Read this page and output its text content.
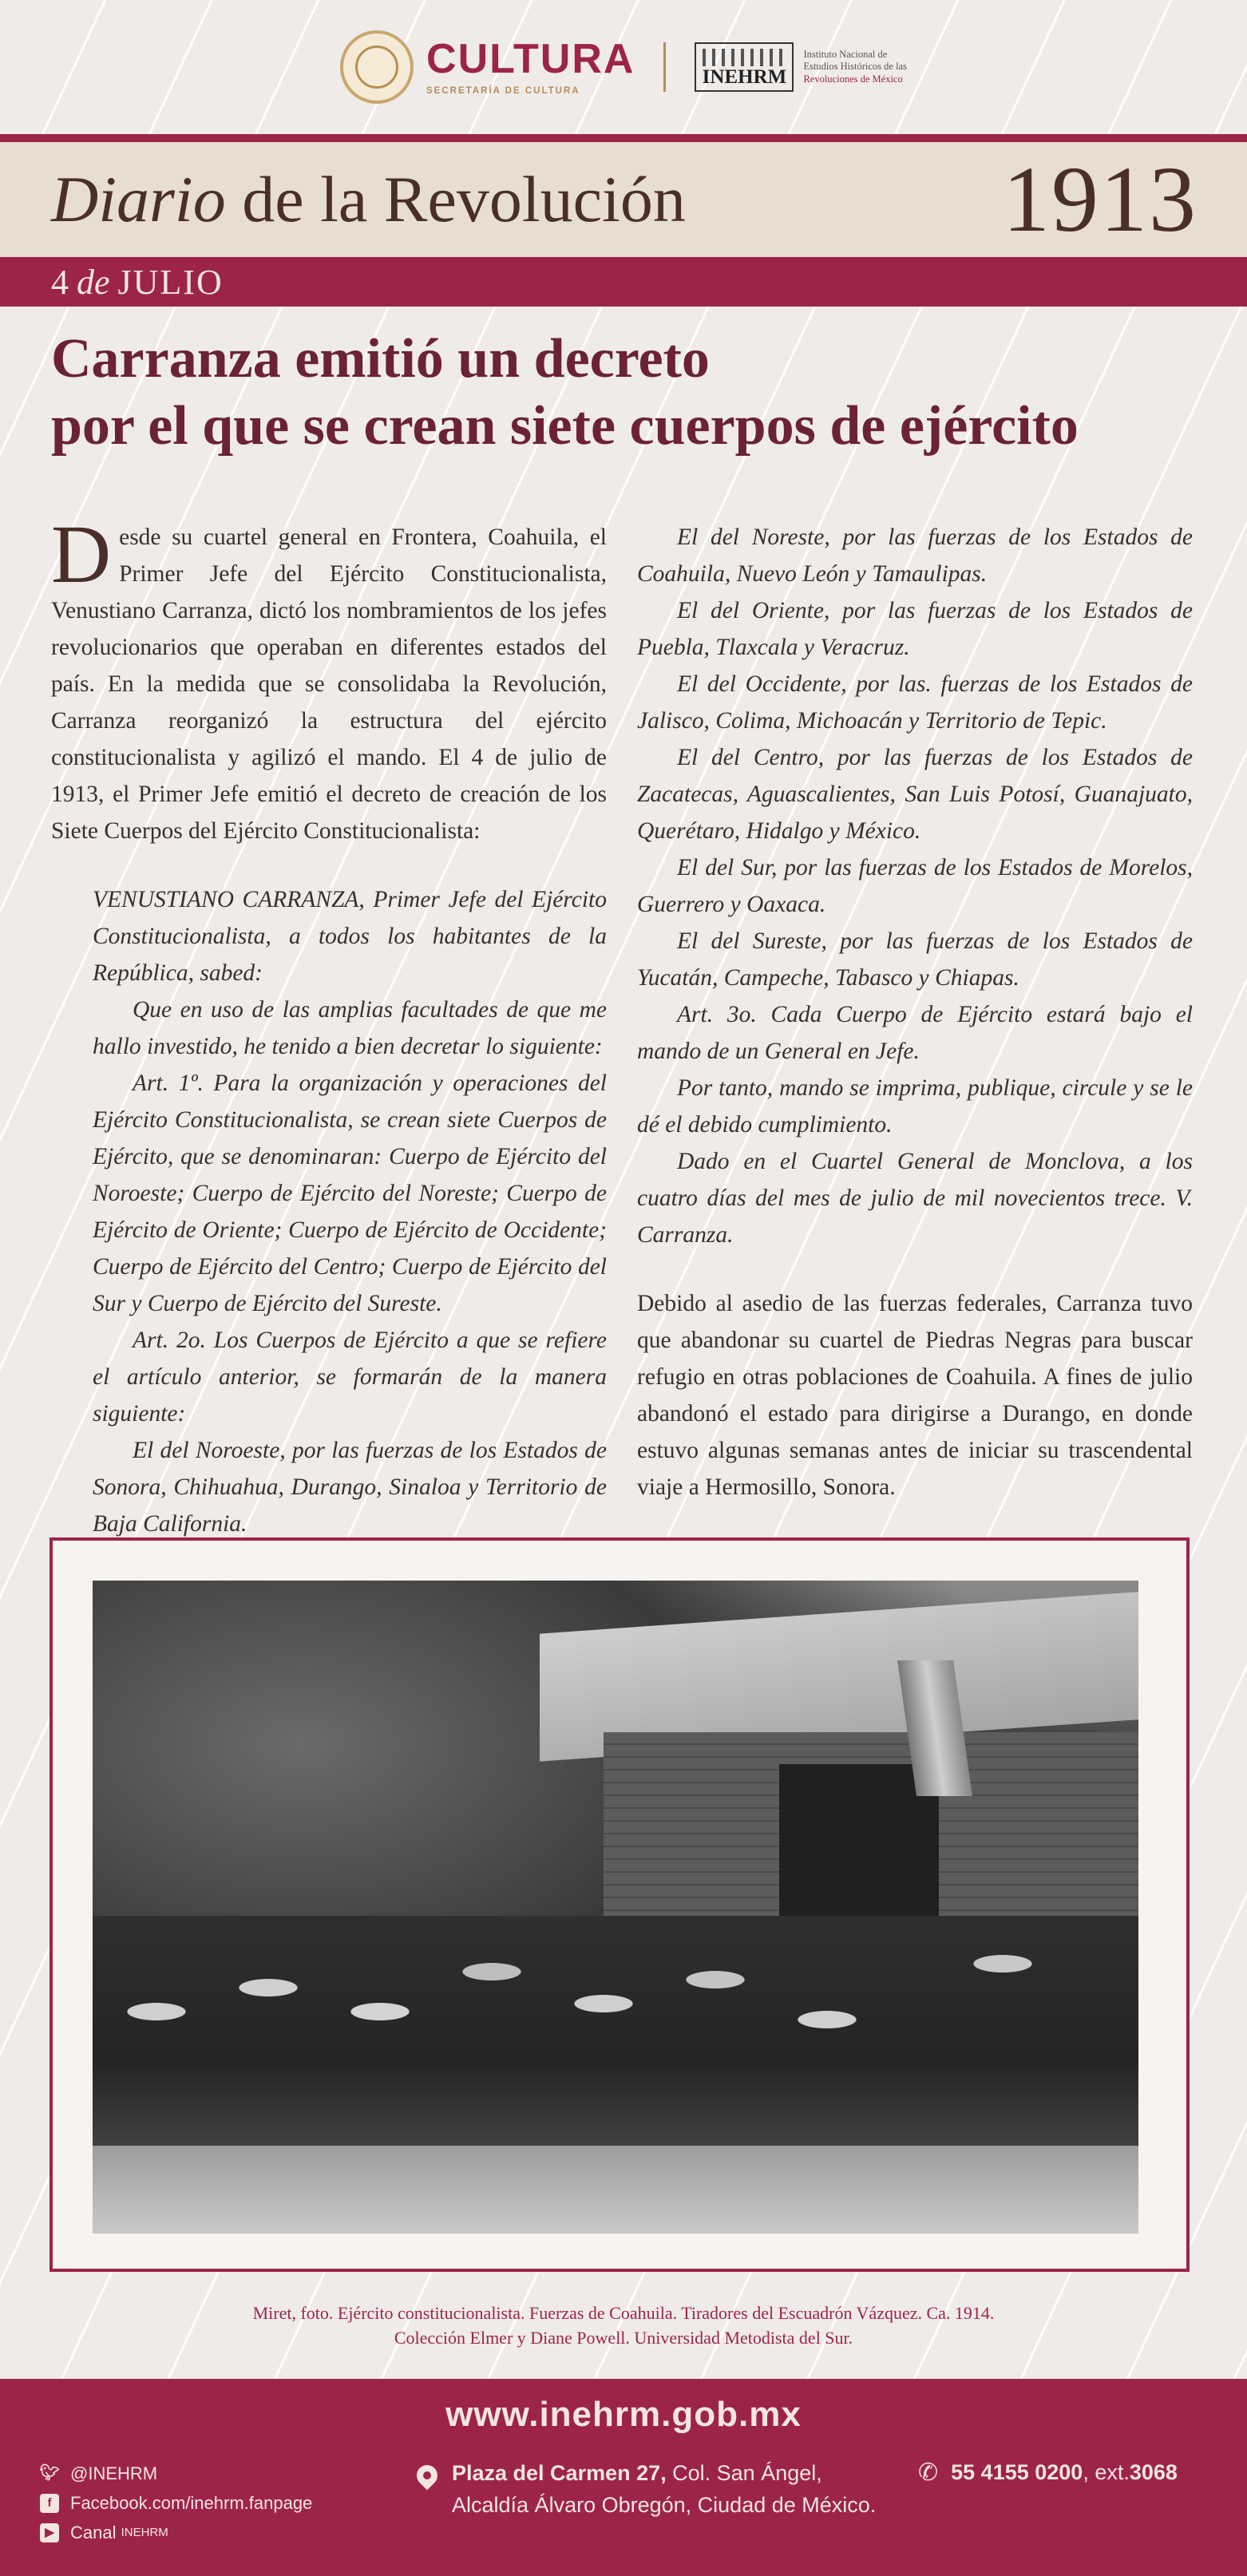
CULTURA
SECRETARÍA DE CULTURA
INEHRM
Instituto Nacional de
Estudios Históricos de las
Revoluciones de México
Diario de la Revolución	1913
4 de JULIO
Carranza emitió un decreto
por el que se crean siete cuerpos de ejército

Desde su cuartel general en Frontera, Coahuila, el Primer Jefe del Ejército Constitucionalista, Venustiano Carranza, dictó los nombramientos de los jefes revolucionarios que operaban en diferentes estados del país. En la medida que se consolidaba la Revolución, Carranza reorganizó la estructura del ejército constitucionalista y agilizó el mando. El 4 de julio de 1913, el Primer Jefe emitió el decreto de creación de los Siete Cuerpos del Ejército Constitucionalista:

VENUSTIANO CARRANZA, Primer Jefe del Ejército Constitucionalista, a todos los habitantes de la República, sabed:

Que en uso de las amplias facultades de que me hallo investido, he tenido a bien decretar lo siguiente:

Art. 1º. Para la organización y operaciones del Ejército Constitucionalista, se crean siete Cuerpos de Ejército, que se denominaran: Cuerpo de Ejército del Noroeste; Cuerpo de Ejército del Noreste; Cuerpo de Ejército de Oriente; Cuerpo de Ejército de Occidente; Cuerpo de Ejército del Centro; Cuerpo de Ejército del Sur y Cuerpo de Ejército del Sureste.

Art. 2o. Los Cuerpos de Ejército a que se refiere el artículo anterior, se formarán de la manera siguiente:

El del Noroeste, por las fuerzas de los Estados de Sonora, Chihuahua, Durango, Sinaloa y Territorio de Baja California.

El del Noreste, por las fuerzas de los Estados de Coahuila, Nuevo León y Tamaulipas.

El del Oriente, por las fuerzas de los Estados de Puebla, Tlaxcala y Veracruz.

El del Occidente, por las. fuerzas de los Estados de Jalisco, Colima, Michoacán y Territorio de Tepic.

El del Centro, por las fuerzas de los Estados de Zacatecas, Aguascalientes, San Luis Potosí, Guanajuato, Querétaro, Hidalgo y México.

El del Sur, por las fuerzas de los Estados de Morelos, Guerrero y Oaxaca.

El del Sureste, por las fuerzas de los Estados de Yucatán, Campeche, Tabasco y Chiapas.

Art. 3o. Cada Cuerpo de Ejército estará bajo el mando de un General en Jefe.

Por tanto, mando se imprima, publique, circule y se le dé el debido cumplimiento.

Dado en el Cuartel General de Monclova, a los cuatro días del mes de julio de mil novecientos trece. V. Carranza.

Debido al asedio de las fuerzas federales, Carranza tuvo que abandonar su cuartel de Piedras Negras para buscar refugio en otras poblaciones de Coahuila. A fines de julio abandonó el estado para dirigirse a Durango, en donde estuvo algunas semanas antes de iniciar su trascendental viaje a Hermosillo, Sonora.

Miret, foto. Ejército constitucionalista. Fuerzas de Coahuila. Tiradores del Escuadrón Vázquez. Ca. 1914.
Colección Elmer y Diane Powell. Universidad Metodista del Sur.
www.inehrm.gob.mx
🐦︎ @INEHRM
f	Facebook.com/inehrm.fanpage
▶ Canal
INEHRM
Plaza del Carmen 27, Col. San Ángel,
Alcaldía Álvaro Obregón, Ciudad de México.
✆ 55 4155 0200 , ext. 3068
